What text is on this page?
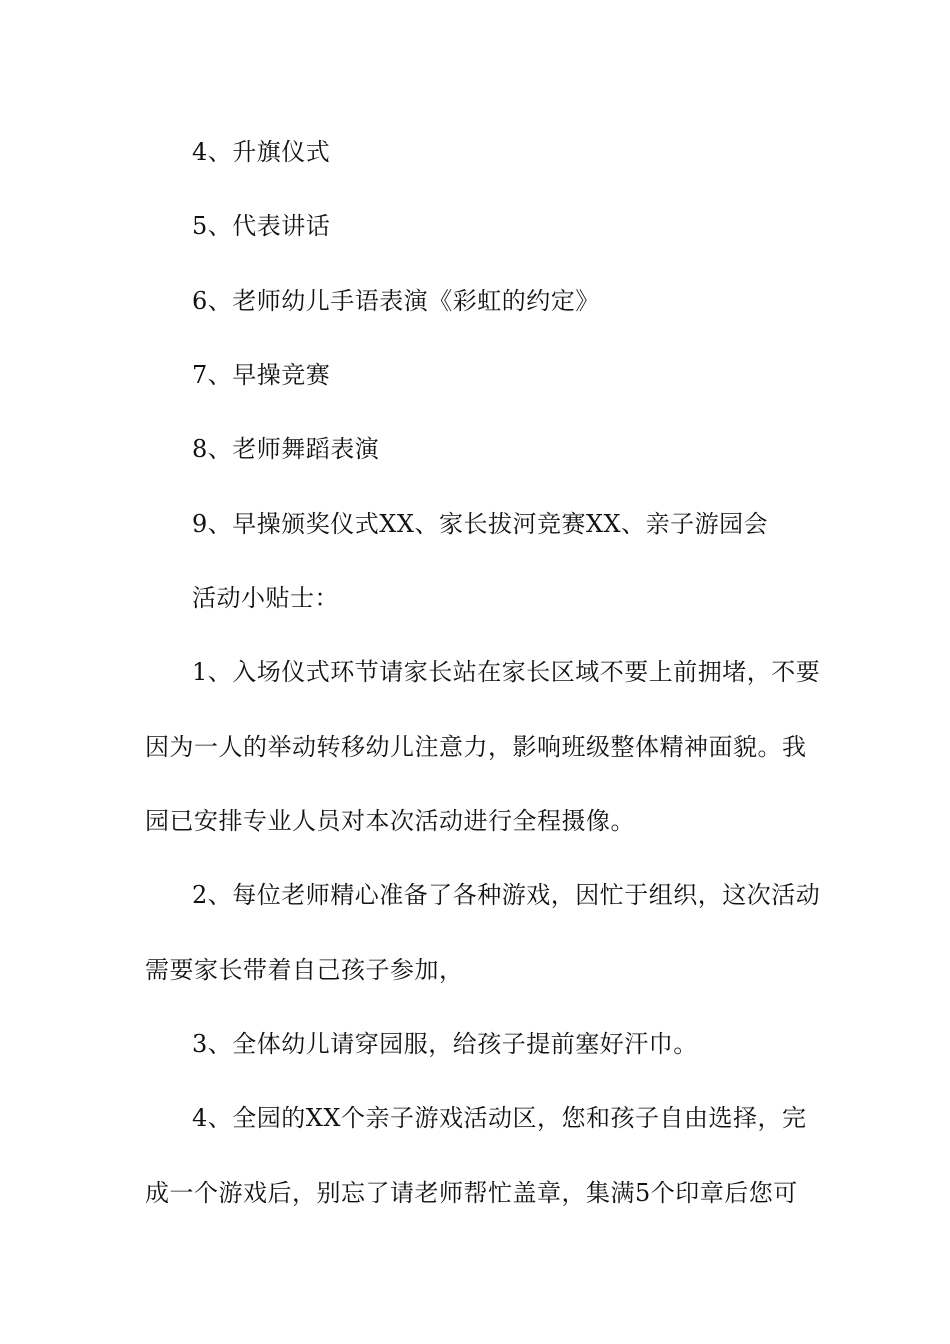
4、升旗仪式
5、代表讲话
6、老师幼儿手语表演《彩虹的约定》
7、早操竞赛
8、老师舞蹈表演
9、早操颁奖仪式XX、家长拔河竞赛XX、亲子游园会
活动小贴士：
1、入场仪式环节请家长站在家长区域不要上前拥堵，不要
因为一人的举动转移幼儿注意力，影响班级整体精神面貌。我
园已安排专业人员对本次活动进行全程摄像。
2、每位老师精心准备了各种游戏，因忙于组织，这次活动
需要家长带着自己孩子参加，
3、全体幼儿请穿园服，给孩子提前塞好汗巾。
4、全园的XX个亲子游戏活动区，您和孩子自由选择，完
成一个游戏后，别忘了请老师帮忙盖章，集满5个印章后您可
